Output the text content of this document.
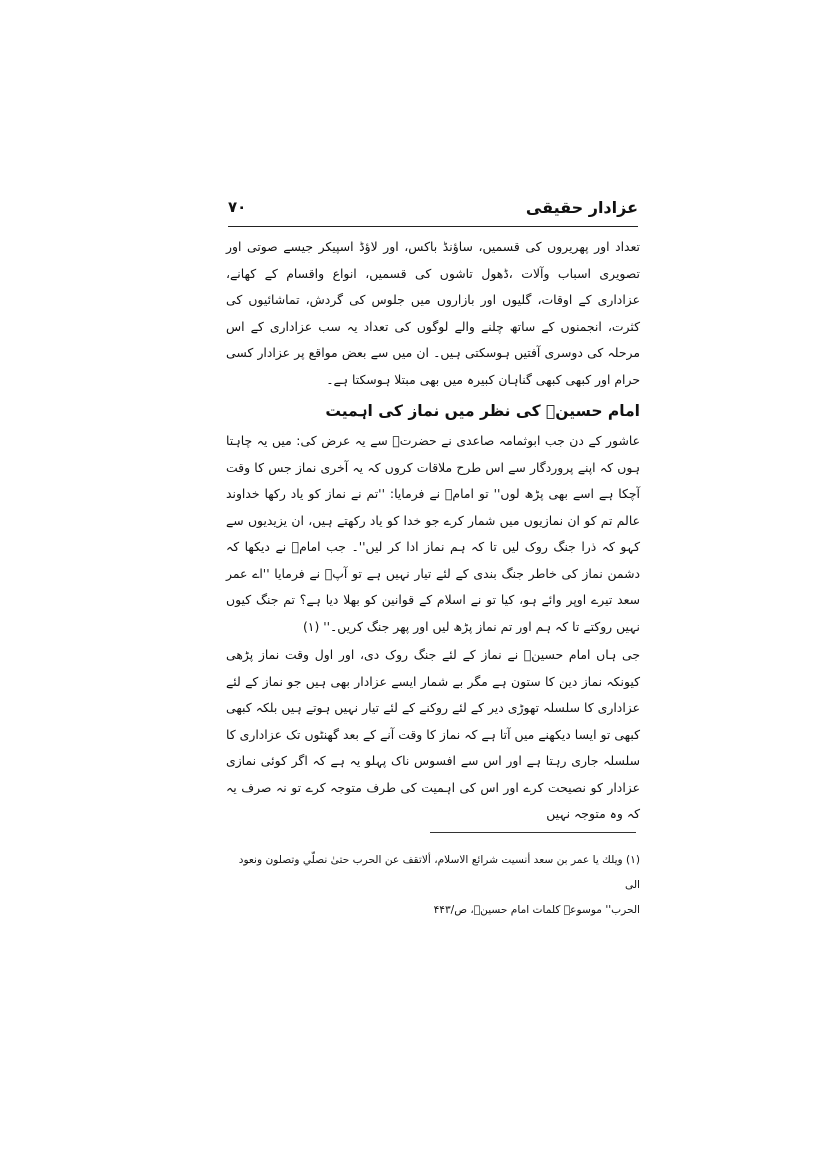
۷۰	عزادار حقیقی

تعداد اور پھریروں کی قسمیں، ساؤنڈ باکس، اور لاؤڈ اسپیکر جیسے صوتی اور تصویری اسباب وآلات ،ڈھول تاشوں کی قسمیں، انواع واقسام کے کھانے، عزاداری کے اوقات، گلیوں اور بازاروں میں جلوس کی گردش، تماشائیوں کی کثرت، انجمنوں کے ساتھ چلنے والے لوگوں کی تعداد یہ سب عزاداری کے اس مرحلہ کی دوسری آفتیں ہوسکتی ہیں۔ ان میں سے بعض مواقع پر عزادار کسی حرام اور کبھی کبھی گناہان کبیرہ میں بھی مبتلا ہوسکتا ہے۔

امام حسینؑ کی نظر میں نماز کی اہمیت

عاشور کے دن جب ابوثمامہ صاعدی نے حضرتؑ سے یہ عرض کی: میں یہ چاہتا ہوں کہ اپنے پروردگار سے اس طرح ملاقات کروں کہ یہ آخری نماز جس کا وقت آچکا ہے اسے بھی پڑھ لوں'' تو امامؑ نے فرمایا: ''تم نے نماز کو یاد رکھا خداوند عالم تم کو ان نمازیوں میں شمار کرے جو خدا کو یاد رکھتے ہیں، ان یزیدیوں سے کہو کہ ذرا جنگ روک لیں تا کہ ہم نماز ادا کر لیں''۔ جب امامؑ نے دیکھا کہ دشمن نماز کی خاطر جنگ بندی کے لئے تیار نہیں ہے تو آپؑ نے فرمایا ''اے عمر سعد تیرے اوپر وائے ہو، کیا تو نے اسلام کے قوانین کو بھلا دیا ہے؟ تم جنگ کیوں نہیں روکتے تا کہ ہم اور تم نماز پڑھ لیں اور پھر جنگ کریں۔'' (۱)

جی ہاں امام حسینؑ نے نماز کے لئے جنگ روک دی، اور اول وقت نماز پڑھی کیونکہ نماز دین کا ستون ہے مگر بے شمار ایسے عزادار بھی ہیں جو نماز کے لئے عزاداری کا سلسلہ تھوڑی دیر کے لئے روکنے کے لئے تیار نہیں ہوتے ہیں بلکہ کبھی کبھی تو ایسا دیکھنے میں آتا ہے کہ نماز کا وقت آنے کے بعد گھنٹوں تک عزاداری کا سلسلہ جاری رہتا ہے اور اس سے افسوس ناک پہلو یہ ہے کہ اگر کوئی نمازی عزادار کو نصیحت کرے اور اس کی اہمیت کی طرف متوجہ کرے تو نہ صرف یہ کہ وہ متوجہ نہیں

(۱) ويلك يا عمر بن سعد أنسيت شرائع الاسلام، ألاتقف عن الحرب حتىٰ نصلّي وتصلون ونعود الى

الحرب'' موسوعہ کلمات امام حسینؑ، ص/۴۴۳
